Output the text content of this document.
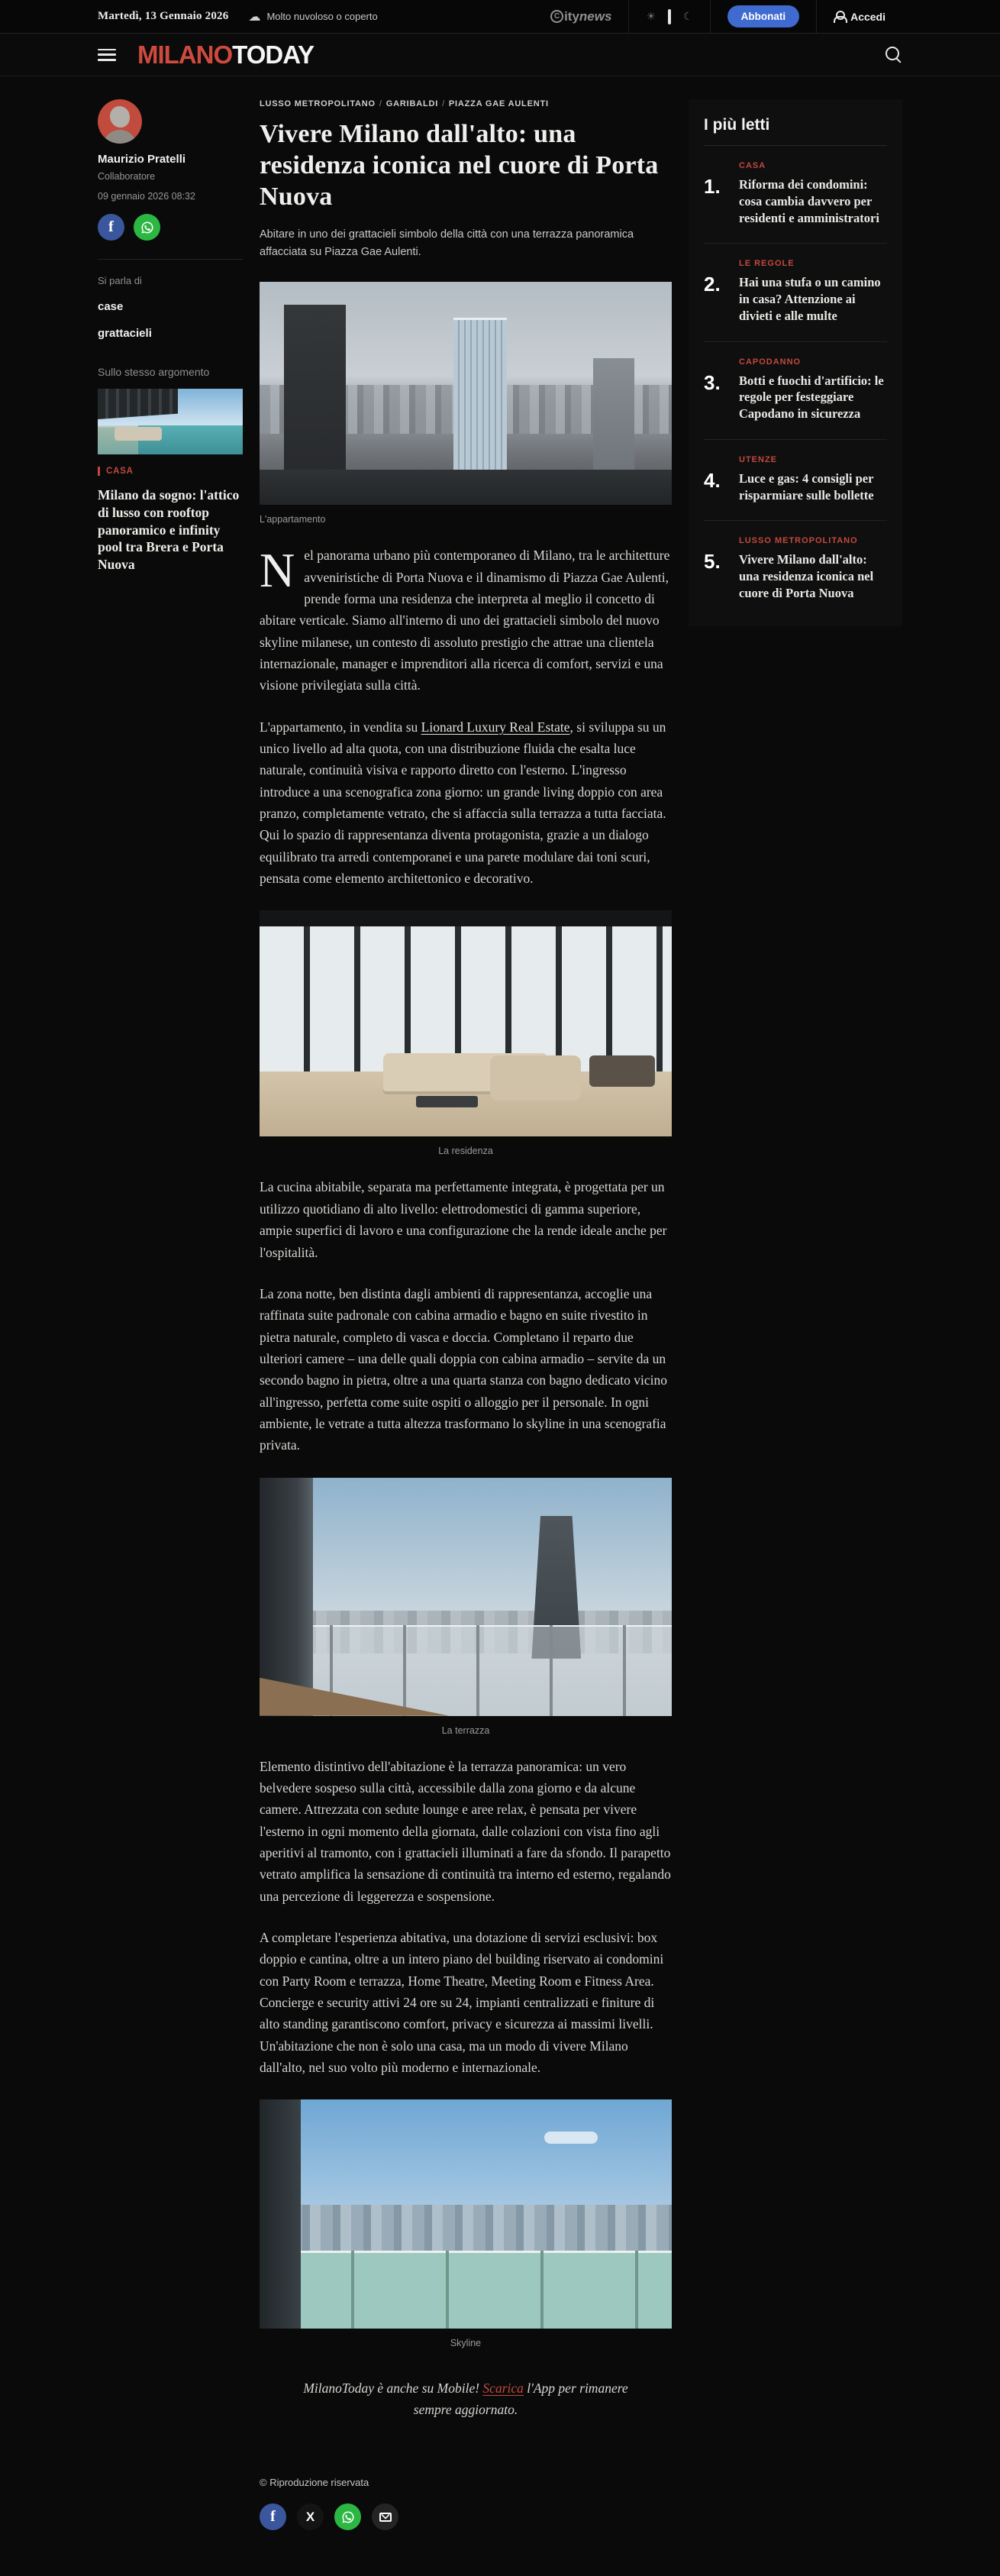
Martedì, 13 Gennaio 2026 ☁ Molto nuvoloso o coperto	C ity news	☀	☾	Abbonati	Accedi
MILANOTODAY
Maurizio Pratelli
Collaboratore
09 gennaio 2026 08:32
f
Si parla di
case
grattacieli
Sullo stesso argomento
CASA
Milano da sogno: l'attico di lusso con rooftop panoramico e infinity pool tra Brera e Porta Nuova
LUSSO METROPOLITANO / GARIBALDI / PIAZZA GAE AULENTI
Vivere Milano dall'alto: una residenza iconica nel cuore di Porta Nuova

Abitare in uno dei grattacieli simbolo della città con una terrazza panoramica affacciata su Piazza Gae Aulenti.

L'appartamento

Nel panorama urbano più contemporaneo di Milano, tra le architetture avveniristiche di Porta Nuova e il dinamismo di Piazza Gae Aulenti, prende forma una residenza che interpreta al meglio il concetto di abitare verticale. Siamo all'interno di uno dei grattacieli simbolo del nuovo skyline milanese, un contesto di assoluto prestigio che attrae una clientela internazionale, manager e imprenditori alla ricerca di comfort, servizi e una visione privilegiata sulla città.

L'appartamento, in vendita su Lionard Luxury Real Estate, si sviluppa su un unico livello ad alta quota, con una distribuzione fluida che esalta luce naturale, continuità visiva e rapporto diretto con l'esterno. L'ingresso introduce a una scenografica zona giorno: un grande living doppio con area pranzo, completamente vetrato, che si affaccia sulla terrazza a tutta facciata. Qui lo spazio di rappresentanza diventa protagonista, grazie a un dialogo equilibrato tra arredi contemporanei e una parete modulare dai toni scuri, pensata come elemento architettonico e decorativo.

La residenza

La cucina abitabile, separata ma perfettamente integrata, è progettata per un utilizzo quotidiano di alto livello: elettrodomestici di gamma superiore, ampie superfici di lavoro e una configurazione che la rende ideale anche per l'ospitalità.

La zona notte, ben distinta dagli ambienti di rappresentanza, accoglie una raffinata suite padronale con cabina armadio e bagno en suite rivestito in pietra naturale, completo di vasca e doccia. Completano il reparto due ulteriori camere – una delle quali doppia con cabina armadio – servite da un secondo bagno in pietra, oltre a una quarta stanza con bagno dedicato vicino all'ingresso, perfetta come suite ospiti o alloggio per il personale. In ogni ambiente, le vetrate a tutta altezza trasformano lo skyline in una scenografia privata.

La terrazza

Elemento distintivo dell'abitazione è la terrazza panoramica: un vero belvedere sospeso sulla città, accessibile dalla zona giorno e da alcune camere. Attrezzata con sedute lounge e aree relax, è pensata per vivere l'esterno in ogni momento della giornata, dalle colazioni con vista fino agli aperitivi al tramonto, con i grattacieli illuminati a fare da sfondo. Il parapetto vetrato amplifica la sensazione di continuità tra interno ed esterno, regalando una percezione di leggerezza e sospensione.

A completare l'esperienza abitativa, una dotazione di servizi esclusivi: box doppio e cantina, oltre a un intero piano del building riservato ai condomini con Party Room e terrazza, Home Theatre, Meeting Room e Fitness Area. Concierge e security attivi 24 ore su 24, impianti centralizzati e finiture di alto standing garantiscono comfort, privacy e sicurezza ai massimi livelli. Un'abitazione che non è solo una casa, ma un modo di vivere Milano dall'alto, nel suo volto più moderno e internazionale.

Skyline

MilanoToday è anche su Mobile! Scarica l'App per rimanere sempre aggiornato.

© Riproduzione riservata
f X
I più letti
1.
CASA
Riforma dei condomini: cosa cambia davvero per residenti e amministratori
2.
LE REGOLE
Hai una stufa o un camino in casa? Attenzione ai divieti e alle multe
3.
CAPODANNO
Botti e fuochi d'artificio: le regole per festeggiare Capodano in sicurezza
4.
UTENZE
Luce e gas: 4 consigli per risparmiare sulle bollette
5.
LUSSO METROPOLITANO
Vivere Milano dall'alto: una residenza iconica nel cuore di Porta Nuova
